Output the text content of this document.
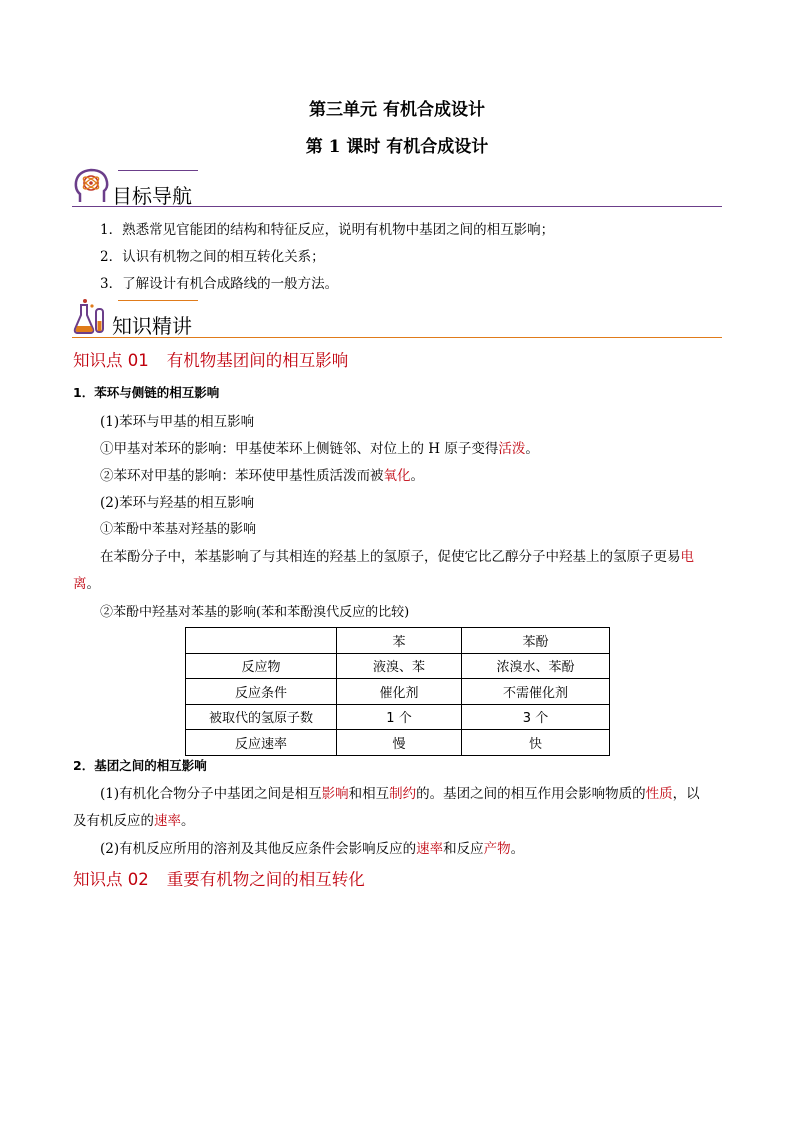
第三单元 有机合成设计
第 1 课时 有机合成设计
目标导航
1．熟悉常见官能团的结构和特征反应，说明有机物中基团之间的相互影响；
2．认识有机物之间的相互转化关系；
3．了解设计有机合成路线的一般方法。
知识精讲
知识点 01 有机物基团间的相互影响
1．苯环与侧链的相互影响
(1)苯环与甲基的相互影响
①甲基对苯环的影响：甲基使苯环上侧链邻、对位上的 H 原子变得活泼。
②苯环对甲基的影响：苯环使甲基性质活泼而被氧化。
(2)苯环与羟基的相互影响
①苯酚中苯基对羟基的影响
在苯酚分子中，苯基影响了与其相连的羟基上的氢原子，促使它比乙醇分子中羟基上的氢原子更易电
离。
②苯酚中羟基对苯基的影响(苯和苯酚溴代反应的比较)
	苯	苯酚
反应物	液溴、苯	浓溴水、苯酚
反应条件	催化剂	不需催化剂
被取代的氢原子数	1 个	3 个
反应速率	慢	快
2．基团之间的相互影响
(1)有机化合物分子中基团之间是相互影响和相互制约的。基团之间的相互作用会影响物质的性质，以
及有机反应的速率。
(2)有机反应所用的溶剂及其他反应条件会影响反应的速率和反应产物。
知识点 02 重要有机物之间的相互转化
